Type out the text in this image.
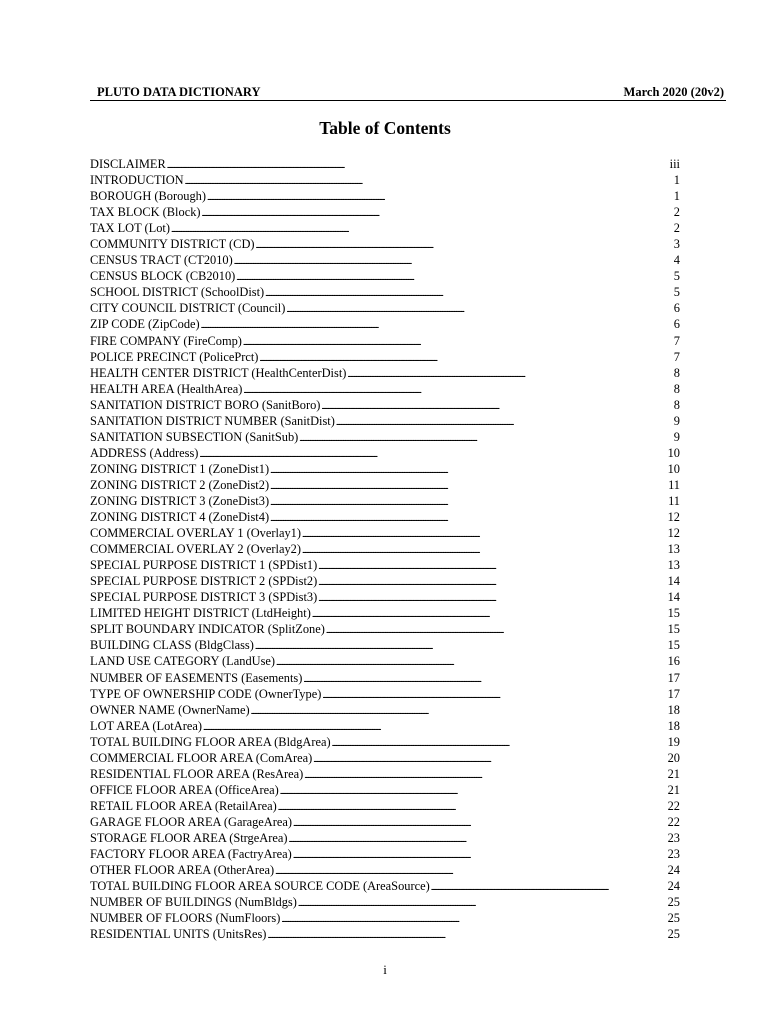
PLUTO DATA DICTIONARY	March 2020 (20v2)
Table of Contents
DISCLAIMER . . .	iii
INTRODUCTION . . .	1
BOROUGH (Borough) . . .	1
TAX BLOCK (Block) . . .	2
TAX LOT (Lot) . . .	2
COMMUNITY DISTRICT (CD) . . .	3
CENSUS TRACT (CT2010) . . .	4
CENSUS BLOCK (CB2010) . . .	5
SCHOOL DISTRICT (SchoolDist) . . .	5
CITY COUNCIL DISTRICT (Council) . . .	6
ZIP CODE (ZipCode) . . .	6
FIRE COMPANY (FireComp) . . .	7
POLICE PRECINCT (PolicePrct) . . .	7
HEALTH CENTER DISTRICT (HealthCenterDist) . . .	8
HEALTH AREA (HealthArea) . . .	8
SANITATION DISTRICT BORO (SanitBoro) . . .	8
SANITATION DISTRICT NUMBER (SanitDist) . . .	9
SANITATION SUBSECTION (SanitSub) . . .	9
ADDRESS (Address) . . .	10
ZONING DISTRICT 1 (ZoneDist1) . . .	10
ZONING DISTRICT 2 (ZoneDist2) . . .	11
ZONING DISTRICT 3 (ZoneDist3) . . .	11
ZONING DISTRICT 4 (ZoneDist4) . . .	12
COMMERCIAL OVERLAY 1 (Overlay1) . . .	12
COMMERCIAL OVERLAY 2 (Overlay2) . . .	13
SPECIAL PURPOSE DISTRICT 1 (SPDist1) . . .	13
SPECIAL PURPOSE DISTRICT 2 (SPDist2) . . .	14
SPECIAL PURPOSE DISTRICT 3 (SPDist3) . . .	14
LIMITED HEIGHT DISTRICT (LtdHeight) . . .	15
SPLIT BOUNDARY INDICATOR (SplitZone) . . .	15
BUILDING CLASS (BldgClass) . . .	15
LAND USE CATEGORY (LandUse) . . .	16
NUMBER OF EASEMENTS (Easements) . . .	17
TYPE OF OWNERSHIP CODE (OwnerType) . . .	17
OWNER NAME (OwnerName) . . .	18
LOT AREA (LotArea) . . .	18
TOTAL BUILDING FLOOR AREA (BldgArea) . . .	19
COMMERCIAL FLOOR AREA (ComArea) . . .	20
RESIDENTIAL FLOOR AREA (ResArea) . . .	21
OFFICE FLOOR AREA (OfficeArea) . . .	21
RETAIL FLOOR AREA (RetailArea) . . .	22
GARAGE FLOOR AREA (GarageArea) . . .	22
STORAGE FLOOR AREA (StrgeArea) . . .	23
FACTORY FLOOR AREA (FactryArea) . . .	23
OTHER FLOOR AREA (OtherArea) . . .	24
TOTAL BUILDING FLOOR AREA SOURCE CODE (AreaSource) . . .	24
NUMBER OF BUILDINGS (NumBldgs) . . .	25
NUMBER OF FLOORS (NumFloors) . . .	25
RESIDENTIAL UNITS (UnitsRes) . . .	25
i
